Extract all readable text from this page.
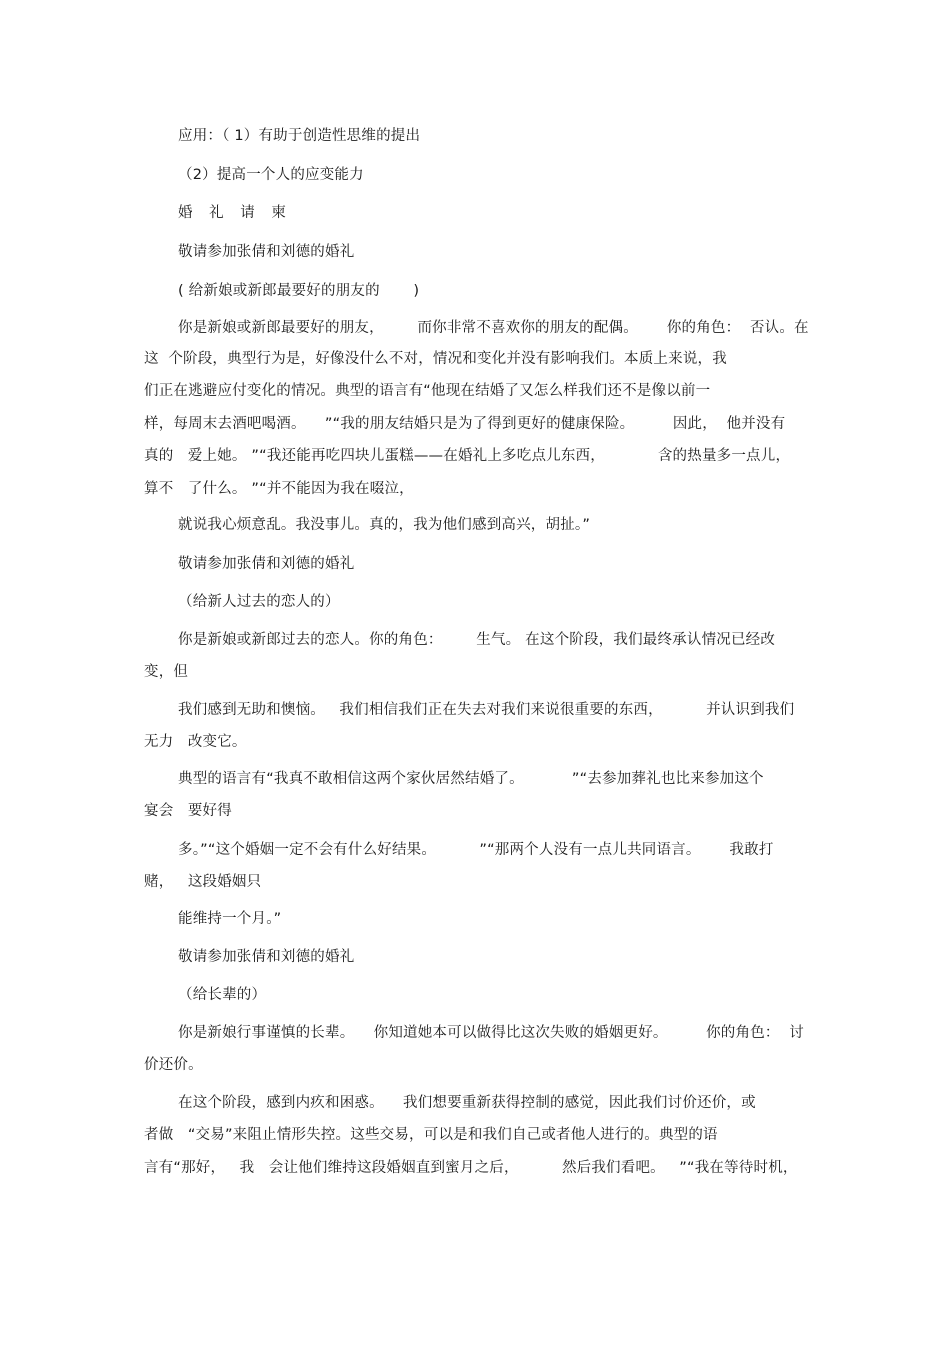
应用：（ 1）有助于创造性思维的提出
（2）提高一个人的应变能力
婚 礼 请 柬
敬请参加张倩和刘德的婚礼
( 给新娘或新郎最要好的朋友的       )
你是新娘或新郎最要好的朋友，       而你非常不喜欢你的朋友的配偶。      你的角色：  否认。在
这  个阶段，典型行为是，好像没什么不对，情况和变化并没有影响我们。本质上来说，我
们正在逃避应付变化的情况。典型的语言有“他现在结婚了又怎么样我们还不是像以前一
样，每周末去酒吧喝酒。    ”“我的朋友结婚只是为了得到更好的健康保险。        因此，  他并没有
真的   爱上她。 ”“我还能再吃四块儿蛋糕——在婚礼上多吃点儿东西，           含的热量多一点儿，
算不   了什么。 ”“并不能因为我在啜泣，
就说我心烦意乱。我没事儿。真的，我为他们感到高兴，胡扯。”
敬请参加张倩和刘德的婚礼
（给新人过去的恋人的）
你是新娘或新郎过去的恋人。你的角色：       生气。 在这个阶段，我们最终承认情况已经改
变，但
我们感到无助和懊恼。   我们相信我们正在失去对我们来说很重要的东西，         并认识到我们
无力   改变它。
典型的语言有“我真不敢相信这两个家伙居然结婚了。          ”“去参加葬礼也比来参加这个
宴会   要好得
多。”“这个婚姻一定不会有什么好结果。         ”“那两个人没有一点儿共同语言。      我敢打
赌，   这段婚姻只
能维持一个月。”
敬请参加张倩和刘德的婚礼
（给长辈的）
你是新娘行事谨慎的长辈。    你知道她本可以做得比这次失败的婚姻更好。        你的角色：  讨
价还价。
在这个阶段，感到内疚和困惑。    我们想要重新获得控制的感觉，因此我们讨价还价，或
者做   “交易”来阻止情形失控。这些交易，可以是和我们自己或者他人进行的。典型的语
言有“那好，   我   会让他们维持这段婚姻直到蜜月之后，         然后我们看吧。   ”“我在等待时机，
